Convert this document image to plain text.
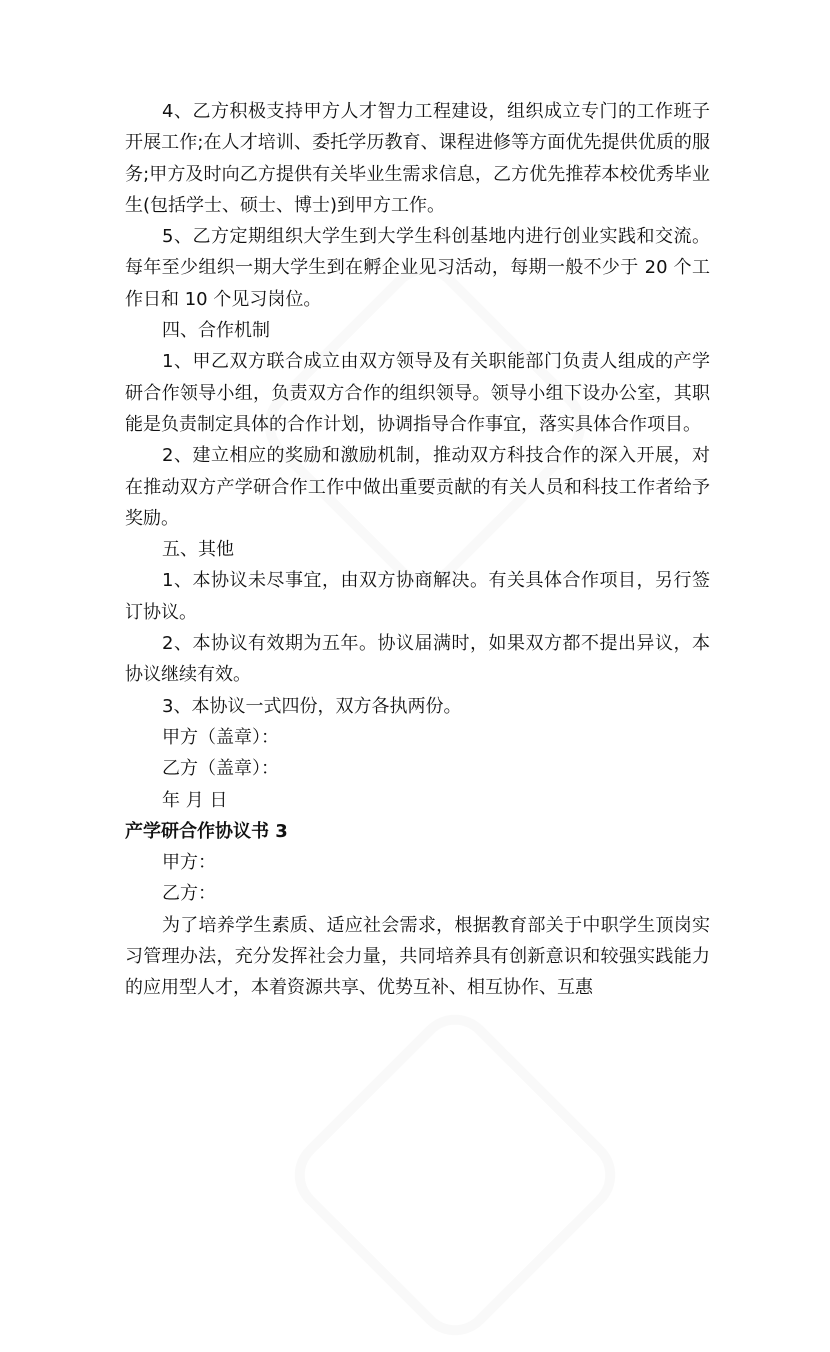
4、乙方积极支持甲方人才智力工程建设，组织成立专门的工作班子开展工作;在人才培训、委托学历教育、课程进修等方面优先提供优质的服务;甲方及时向乙方提供有关毕业生需求信息，乙方优先推荐本校优秀毕业生(包括学士、硕士、博士)到甲方工作。

5、乙方定期组织大学生到大学生科创基地内进行创业实践和交流。每年至少组织一期大学生到在孵企业见习活动，每期一般不少于 20 个工作日和 10 个见习岗位。

四、合作机制

1、甲乙双方联合成立由双方领导及有关职能部门负责人组成的产学研合作领导小组，负责双方合作的组织领导。领导小组下设办公室，其职能是负责制定具体的合作计划，协调指导合作事宜，落实具体合作项目。

2、建立相应的奖励和激励机制，推动双方科技合作的深入开展，对在推动双方产学研合作工作中做出重要贡献的有关人员和科技工作者给予奖励。

五、其他

1、本协议未尽事宜，由双方协商解决。有关具体合作项目，另行签订协议。

2、本协议有效期为五年。协议届满时，如果双方都不提出异议，本协议继续有效。

3、本协议一式四份，双方各执两份。

甲方（盖章）：

乙方（盖章）：

年 月 日

产学研合作协议书 3

甲方：

乙方：

为了培养学生素质、适应社会需求，根据教育部关于中职学生顶岗实习管理办法，充分发挥社会力量，共同培养具有创新意识和较强实践能力的应用型人才，本着资源共享、优势互补、相互协作、互惠
